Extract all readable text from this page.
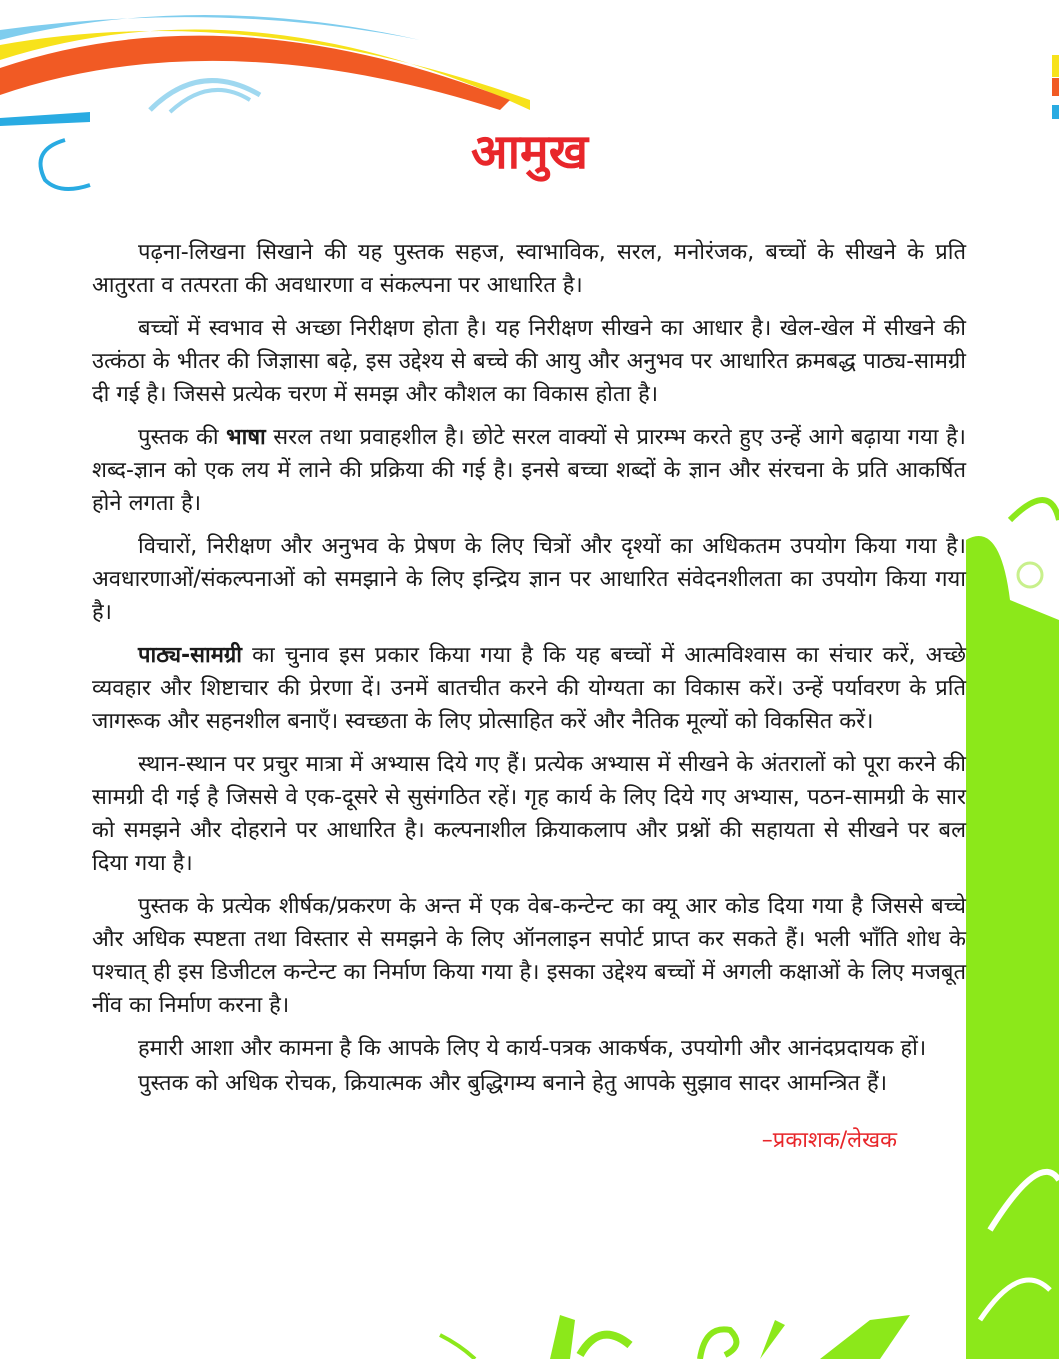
आमुख

पढ़ना-लिखना सिखाने की यह पुस्तक सहज, स्वाभाविक, सरल, मनोरंजक, बच्चों के सीखने के प्रति आतुरता व तत्परता की अवधारणा व संकल्पना पर आधारित है।

बच्चों में स्वभाव से अच्छा निरीक्षण होता है। यह निरीक्षण सीखने का आधार है। खेल-खेल में सीखने की उत्कंठा के भीतर की जिज्ञासा बढ़े, इस उद्देश्य से बच्चे की आयु और अनुभव पर आधारित क्रमबद्ध पाठ्य-सामग्री दी गई है। जिससे प्रत्येक चरण में समझ और कौशल का विकास होता है।

पुस्तक की भाषा सरल तथा प्रवाहशील है। छोटे सरल वाक्यों से प्रारम्भ करते हुए उन्हें आगे बढ़ाया गया है। शब्द-ज्ञान को एक लय में लाने की प्रक्रिया की गई है। इनसे बच्चा शब्दों के ज्ञान और संरचना के प्रति आकर्षित होने लगता है।

विचारों, निरीक्षण और अनुभव के प्रेषण के लिए चित्रों और दृश्यों का अधिकतम उपयोग किया गया है। अवधारणाओं/संकल्पनाओं को समझाने के लिए इन्द्रिय ज्ञान पर आधारित संवेदनशीलता का उपयोग किया गया है।

पाठ्य-सामग्री का चुनाव इस प्रकार किया गया है कि यह बच्चों में आत्मविश्वास का संचार करें, अच्छे व्यवहार और शिष्टाचार की प्रेरणा दें। उनमें बातचीत करने की योग्यता का विकास करें। उन्हें पर्यावरण के प्रति जागरूक और सहनशील बनाएँ। स्वच्छता के लिए प्रोत्साहित करें और नैतिक मूल्यों को विकसित करें।

स्थान-स्थान पर प्रचुर मात्रा में अभ्यास दिये गए हैं। प्रत्येक अभ्यास में सीखने के अंतरालों को पूरा करने की सामग्री दी गई है जिससे वे एक-दूसरे से सुसंगठित रहें। गृह कार्य के लिए दिये गए अभ्यास, पठन-सामग्री के सार को समझने और दोहराने पर आधारित है। कल्पनाशील क्रियाकलाप और प्रश्नों की सहायता से सीखने पर बल दिया गया है।

पुस्तक के प्रत्येक शीर्षक/प्रकरण के अन्त में एक वेब-कन्टेन्ट का क्यू आर कोड दिया गया है जिससे बच्चे और अधिक स्पष्टता तथा विस्तार से समझने के लिए ऑनलाइन सपोर्ट प्राप्त कर सकते हैं। भली भाँति शोध के पश्चात् ही इस डिजीटल कन्टेन्ट का निर्माण किया गया है। इसका उद्देश्य बच्चों में अगली कक्षाओं के लिए मजबूत नींव का निर्माण करना है।

हमारी आशा और कामना है कि आपके लिए ये कार्य-पत्रक आकर्षक, उपयोगी और आनंदप्रदायक हों।

पुस्तक को अधिक रोचक, क्रियात्मक और बुद्धिगम्य बनाने हेतु आपके सुझाव सादर आमन्त्रित हैं।

–प्रकाशक/लेखक
